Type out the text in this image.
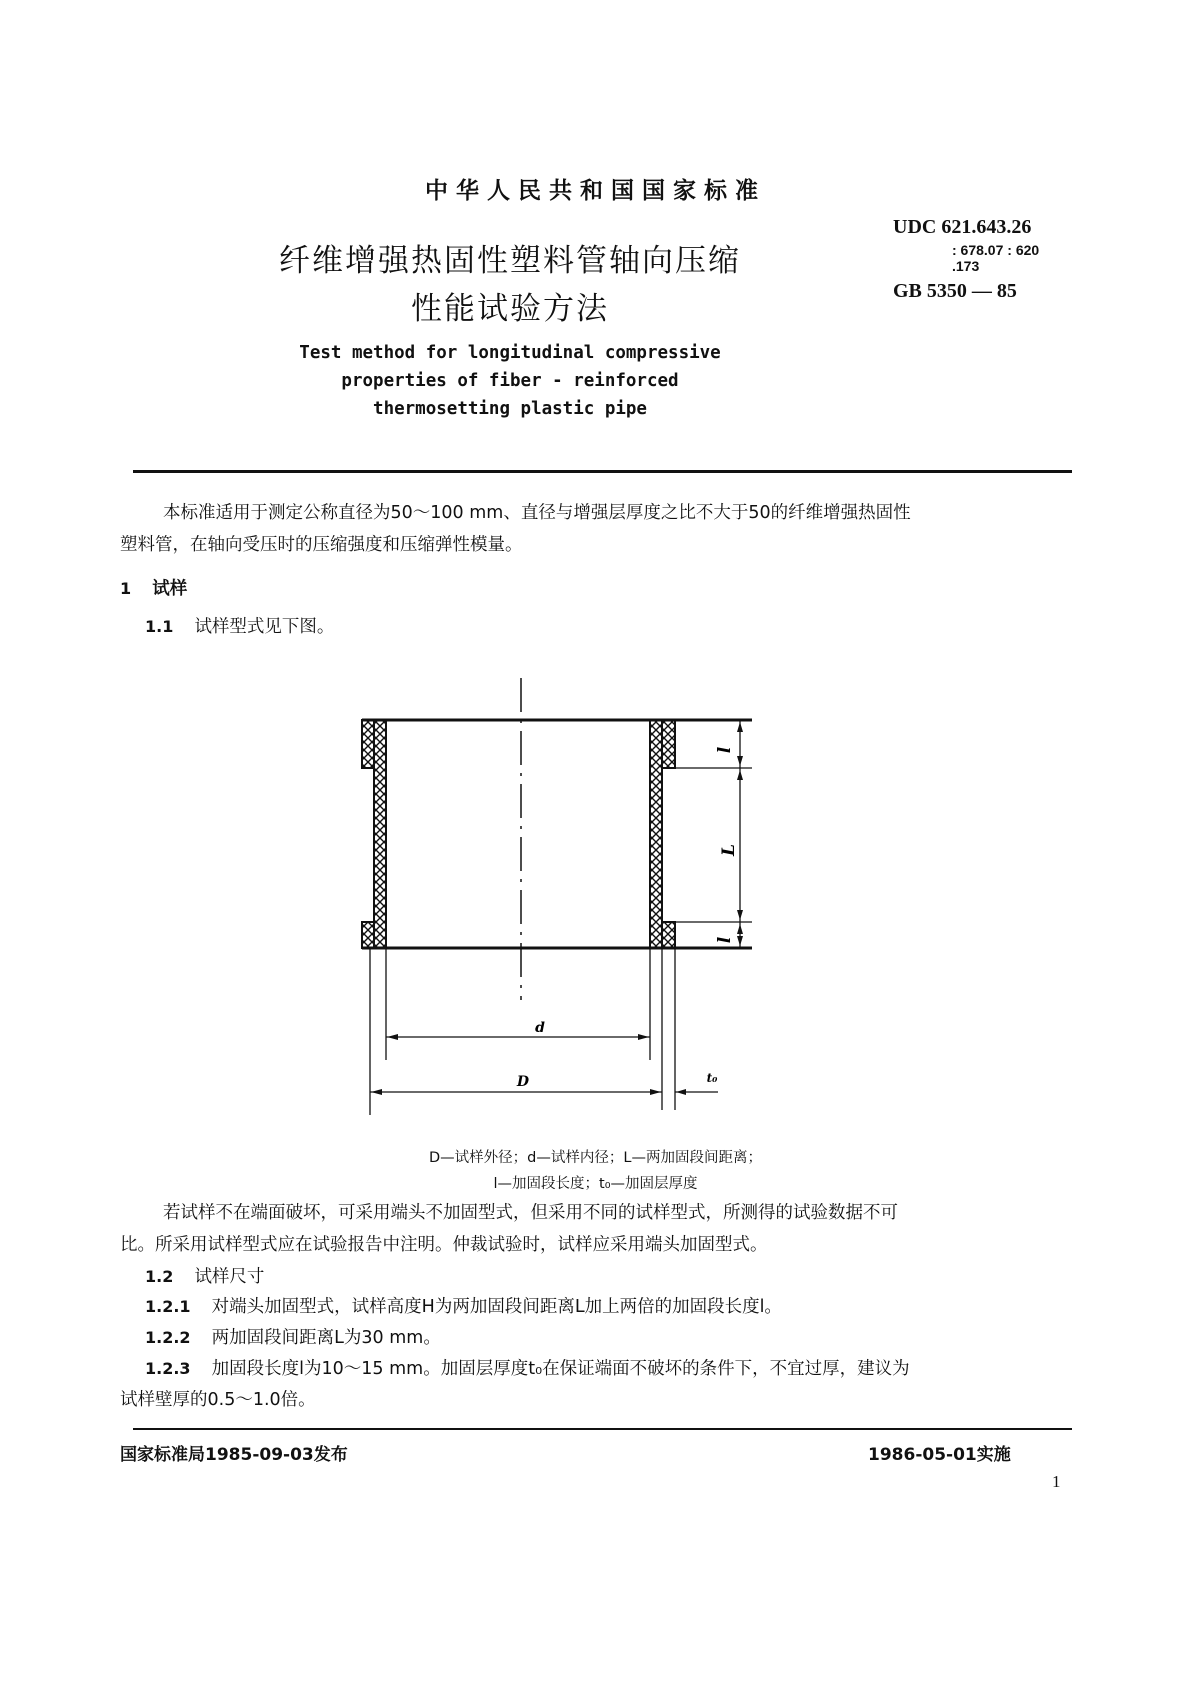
中华人民共和国国家标准
纤维增强热固性塑料管轴向压缩
性能试验方法
Test method for longitudinal compressive
properties of fiber - reinforced
thermosetting plastic pipe
UDC 621.643.26
: 678.07 : 620
.173
GB 5350 — 85
本标准适用于测定公称直径为50～100 mm、直径与增强层厚度之比不大于50的纤维增强热固性
塑料管，在轴向受压时的压缩强度和压缩弹性模量。
1 试样
1.1 试样型式见下图。
l
L
l
d
D	t₀
D—试样外径；d—试样内径；L—两加固段间距离；
l—加固段长度；t₀—加固层厚度
若试样不在端面破坏，可采用端头不加固型式，但采用不同的试样型式，所测得的试验数据不可
比。所采用试样型式应在试验报告中注明。仲裁试验时，试样应采用端头加固型式。
1.2 试样尺寸
1.2.1 对端头加固型式，试样高度H为两加固段间距离L加上两倍的加固段长度l。
1.2.2 两加固段间距离L为30 mm。
1.2.3 加固段长度l为10～15 mm。加固层厚度t₀在保证端面不破坏的条件下，不宜过厚，建议为
试样壁厚的0.5～1.0倍。
国家标准局1985-09-03发布	1986-05-01实施
1
